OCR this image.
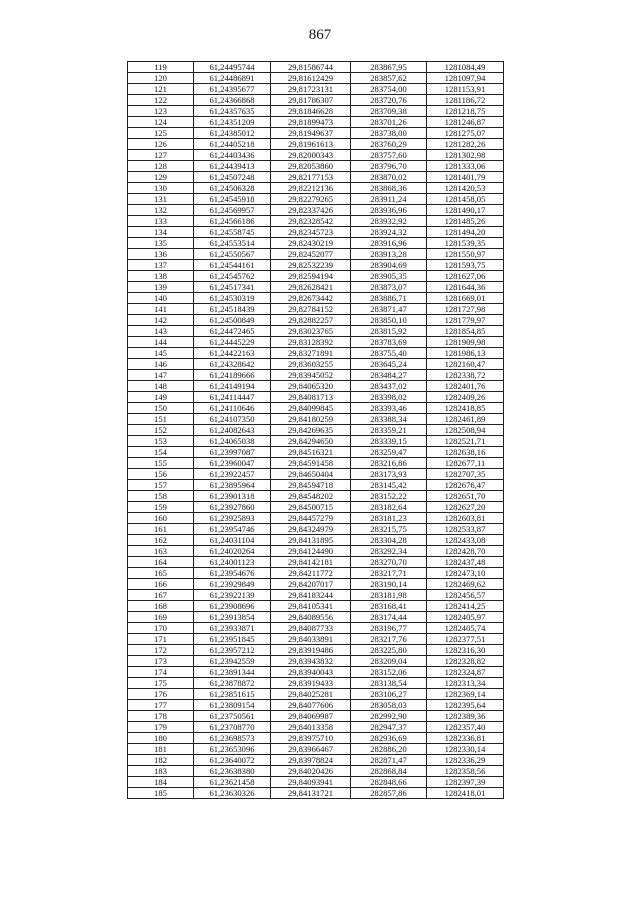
867
119	61,24495744	29,81586744	283867,95	1281084,49
120	61,24486891	29,81612429	283857,62	1281097,94
121	61,24395677	29,81723131	283754,00	1281153,91
122	61,24366868	29,81786307	283720,76	1281186,72
123	61,24357635	29,81846628	283709,38	1281218,75
124	61,24351209	29,81899473	283701,26	1281246,87
125	61,24385012	29,81949637	283738,00	1281275,07
126	61,24405218	29,81961613	283760,29	1281282,26
127	61,24403436	29,82000343	283757,60	1281302,98
128	61,24439413	29,82053860	283796,70	1281333,06
129	61,24507248	29,82177153	283870,02	1281401,79
130	61,24506328	29,82212136	283868,36	1281420,53
131	61,24545918	29,82279265	283911,24	1281458,05
132	61,24569957	29,82337426	283936,96	1281490,17
133	61,24566186	29,82328542	283932,92	1281485,26
134	61,24558745	29,82345723	283924,32	1281494,20
135	61,24553514	29,82430219	283916,96	1281539,35
136	61,24550567	29,82452077	283913,28	1281550,97
137	61,24544161	29,82532239	283904,69	1281593,75
138	61,24545762	29,82594194	283905,35	1281627,06
139	61,24517341	29,82628421	283873,07	1281644,36
140	61,24530319	29,82673442	283886,71	1281669,01
141	61,24518439	29,82784152	283871,47	1281727,98
142	61,24500849	29,82882257	283850,10	1281779,97
143	61,24472465	29,83023765	283815,92	1281854,85
144	61,24445229	29,83128392	283783,69	1281909,98
145	61,24422163	29,83271891	283755,40	1281986,13
146	61,24328642	29,83603255	283645,24	1282160,47
147	61,24189666	29,83945052	283484,27	1282338,72
148	61,24149194	29,84065320	283437,02	1282401,76
149	61,24114447	29,84081713	283398,02	1282409,26
150	61,24110646	29,84099845	283393,46	1282418,85
151	61,24107350	29,84180259	283388,34	1282461,89
152	61,24082643	29,84269635	283359,21	1282508,94
153	61,24065038	29,84294650	283339,15	1282521,71
154	61,23997087	29,84516321	283259,47	1282638,16
155	61,23960047	29,84591458	283216,86	1282677,11
156	61,23922457	29,84650404	283173,93	1282707,35
157	61,23895964	29,84594718	283145,42	1282676,47
158	61,23901318	29,84548202	283152,22	1282651,70
159	61,23927860	29,84500715	283182,64	1282627,20
160	61,23925893	29,84457279	283181,23	1282603,81
161	61,23954746	29,84324979	283215,75	1282533,87
162	61,24031104	29,84131895	283304,28	1282433,08
163	61,24020264	29,84124490	283292,34	1282428,70
164	61,24001123	29,84142181	283270,70	1282437,48
165	61,23954676	29,84211772	283217,71	1282473,10
166	61,23929849	29,84207017	283190,14	1282469,62
167	61,23922139	29,84183244	283181,98	1282456,57
168	61,23908696	29,84105341	283168,41	1282414,25
169	61,23913854	29,84089556	283174,44	1282405,97
170	61,23933871	29,84087733	283196,77	1282405,74
171	61,23951845	29,84033891	283217,76	1282377,51
172	61,23957212	29,83919486	283225,80	1282316,30
173	61,23942559	29,83943832	283209,04	1282328,82
174	61,23891344	29,83940043	283152,06	1282324,87
175	61,23878872	29,83919433	283138,54	1282313,34
176	61,23851615	29,84025281	283106,27	1282369,14
177	61,23809154	29,84077606	283058,03	1282395,64
178	61,23750561	29,84069987	282992,90	1282389,36
179	61,23708770	29,84013358	282947,37	1282357,40
180	61,23698573	29,83975710	282936,69	1282336,81
181	61,23653096	29,83966467	282886,20	1282330,14
182	61,23640072	29,83978824	282871,47	1282336,29
183	61,23638380	29,84020426	282868,84	1282358,56
184	61,23621458	29,84093941	282848,66	1282397,39
185	61,23630326	29,84131721	282857,86	1282418,01
